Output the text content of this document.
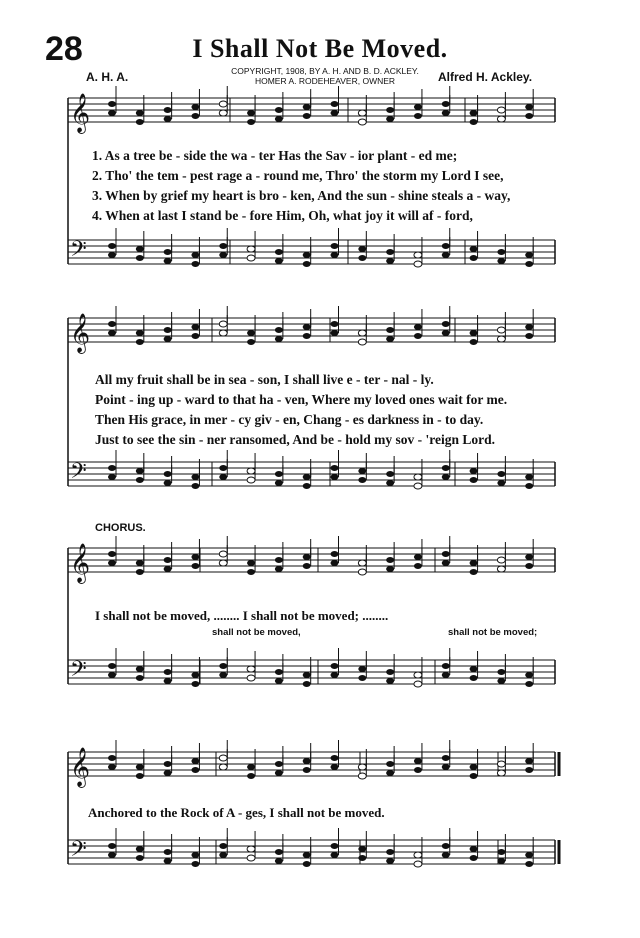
28	I Shall Not Be Moved.
COPYRIGHT, 1908, BY A. H. AND B. D. ACKLEY.
HOMER A. RODEHEAVER, OWNER
A. H. A.	Alfred H. Ackley.
𝄞
𝄢
𝄞
𝄢
𝄞
𝄢
𝄞
𝄢
1. As a tree be - side the wa - ter Has the Sav - ior plant - ed me;
2. Tho' the tem - pest rage a - round me, Thro' the storm my Lord I see,
3. When by grief my heart is bro - ken, And the sun - shine steals a - way,
4. When at last I stand be - fore Him, Oh, what joy it will af - ford,
All my fruit shall be in sea - son, I shall live e - ter - nal - ly.
Point - ing up - ward to that ha - ven, Where my loved ones wait for me.
Then His grace, in mer - cy giv - en, Chang - es darkness in - to day.
Just to see the sin - ner ransomed, And be - hold my sov - 'reign Lord.
CHORUS.
I shall not be moved, ........ I shall not be moved; ........
shall not be moved,	shall not be moved;
Anchored to the Rock of A - ges, I shall not be moved.
